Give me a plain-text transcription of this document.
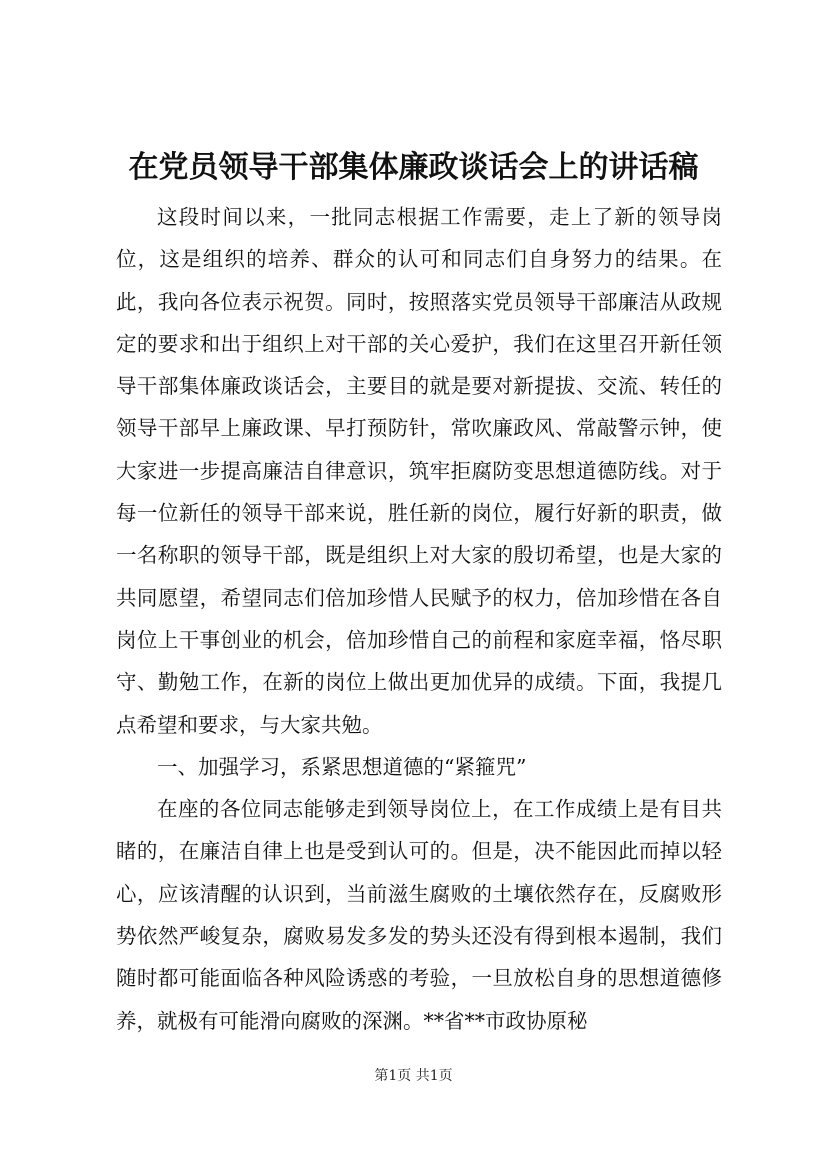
在党员领导干部集体廉政谈话会上的讲话稿

这段时间以来，一批同志根据工作需要，走上了新的领导岗位，这是组织的培养、群众的认可和同志们自身努力的结果。在此，我向各位表示祝贺。同时，按照落实党员领导干部廉洁从政规定的要求和出于组织上对干部的关心爱护，我们在这里召开新任领导干部集体廉政谈话会，主要目的就是要对新提拔、交流、转任的领导干部早上廉政课、早打预防针，常吹廉政风、常敲警示钟，使大家进一步提高廉洁自律意识，筑牢拒腐防变思想道德防线。对于每一位新任的领导干部来说，胜任新的岗位，履行好新的职责，做一名称职的领导干部，既是组织上对大家的殷切希望，也是大家的共同愿望，希望同志们倍加珍惜人民赋予的权力，倍加珍惜在各自岗位上干事创业的机会，倍加珍惜自己的前程和家庭幸福，恪尽职守、勤勉工作，在新的岗位上做出更加优异的成绩。下面，我提几点希望和要求，与大家共勉。

一、加强学习，系紧思想道德的“紧箍咒”

在座的各位同志能够走到领导岗位上，在工作成绩上是有目共睹的，在廉洁自律上也是受到认可的。但是，决不能因此而掉以轻心，应该清醒的认识到，当前滋生腐败的土壤依然存在，反腐败形势依然严峻复杂，腐败易发多发的势头还没有得到根本遏制，我们随时都可能面临各种风险诱惑的考验，一旦放松自身的思想道德修养，就极有可能滑向腐败的深渊。**省**市政协原秘

第1页 共1页
